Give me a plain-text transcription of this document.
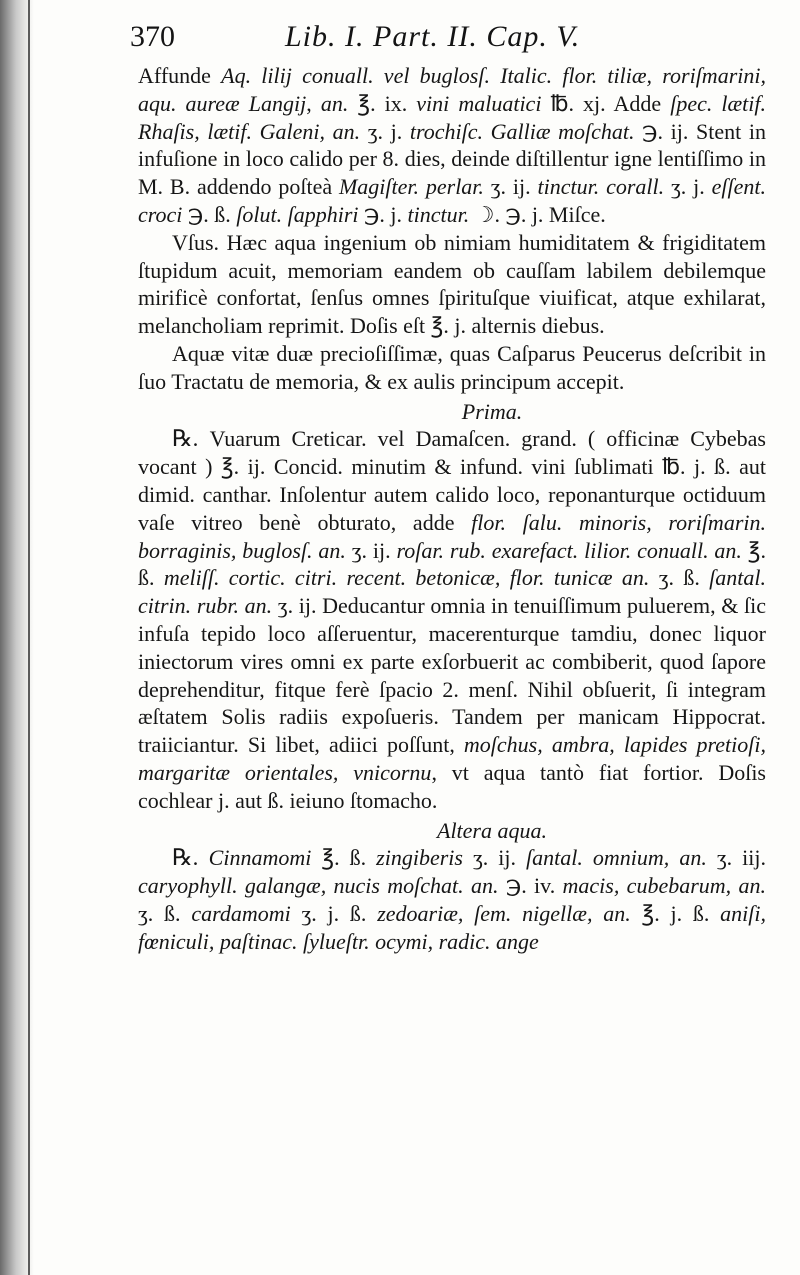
370	Lib. I. Part. II. Cap. V.

Affunde Aq. lilij conuall. vel buglosſ. Italic. flor. tiliæ, roriſmarini, aqu. aureæ Langij, an. ℥. ix. vini maluatici ℔. xj. Adde ſpec. lætif. Rhaſis, lætif. Galeni, an. ʒ. j. trochiſc. Galliæ moſchat. ℈. ij. Stent in infuſione in loco calido per 8. dies, deinde diſtillentur igne lentiſſimo in M. B. addendo poſteà Magiſter. perlar. ʒ. ij. tinctur. corall. ʒ. j. eſſent. croci ℈. ß. ſolut. ſapphiri ℈. j. tinctur. ☽. ℈. j. Miſce.

Vſus. Hæc aqua ingenium ob nimiam humiditatem & frigiditatem ſtupidum acuit, memoriam eandem ob cauſſam labilem debilemque mirificè confortat, ſenſus omnes ſpirituſque viuificat, atque exhilarat, melancholiam reprimit. Doſis eſt ℥. j. alternis diebus.

Aquæ vitæ duæ precioſiſſimæ, quas Caſparus Peucerus deſcribit in ſuo Tractatu de memoria, & ex aulis principum accepit.

Prima.

℞. Vuarum Creticar. vel Damaſcen. grand. ( officinæ Cybebas vocant ) ℥. ij. Concid. minutim & infund. vini ſublimati ℔. j. ß. aut dimid. canthar. Inſolentur autem calido loco, reponanturque octiduum vaſe vitreo benè obturato, adde flor. ſalu. minoris, roriſmarin. borraginis, buglosſ. an. ʒ. ij. roſar. rub. exarefact. lilior. conuall. an. ℥. ß. meliſſ. cortic. citri. recent. betonicæ, flor. tunicæ an. ʒ. ß. ſantal. citrin. rubr. an. ʒ. ij. Deducantur omnia in tenuiſſimum puluerem, & ſic infuſa tepido loco aſſeruentur, macerenturque tamdiu, donec liquor iniectorum vires omni ex parte exſorbuerit ac combiberit, quod ſapore deprehenditur, fitque ferè ſpacio 2. menſ. Nihil obſuerit, ſi integram æſtatem Solis radiis expoſueris. Tandem per manicam Hippocrat. traiiciantur. Si libet, adiici poſſunt, moſchus, ambra, lapides pretioſi, margaritæ orientales, vnicornu, vt aqua tantò fiat fortior. Doſis cochlear j. aut ß. ieiuno ſtomacho.

Altera aqua.

℞. Cinnamomi ℥. ß. zingiberis ʒ. ij. ſantal. omnium, an. ʒ. iij. caryophyll. galangæ, nucis moſchat. an. ℈. iv. macis, cubebarum, an. ʒ. ß. cardamomi ʒ. j. ß. zedoariæ, ſem. nigellæ, an. ℥. j. ß. aniſi, fœniculi, paſtinac. ſylueſtr. ocymi, radic. ange
